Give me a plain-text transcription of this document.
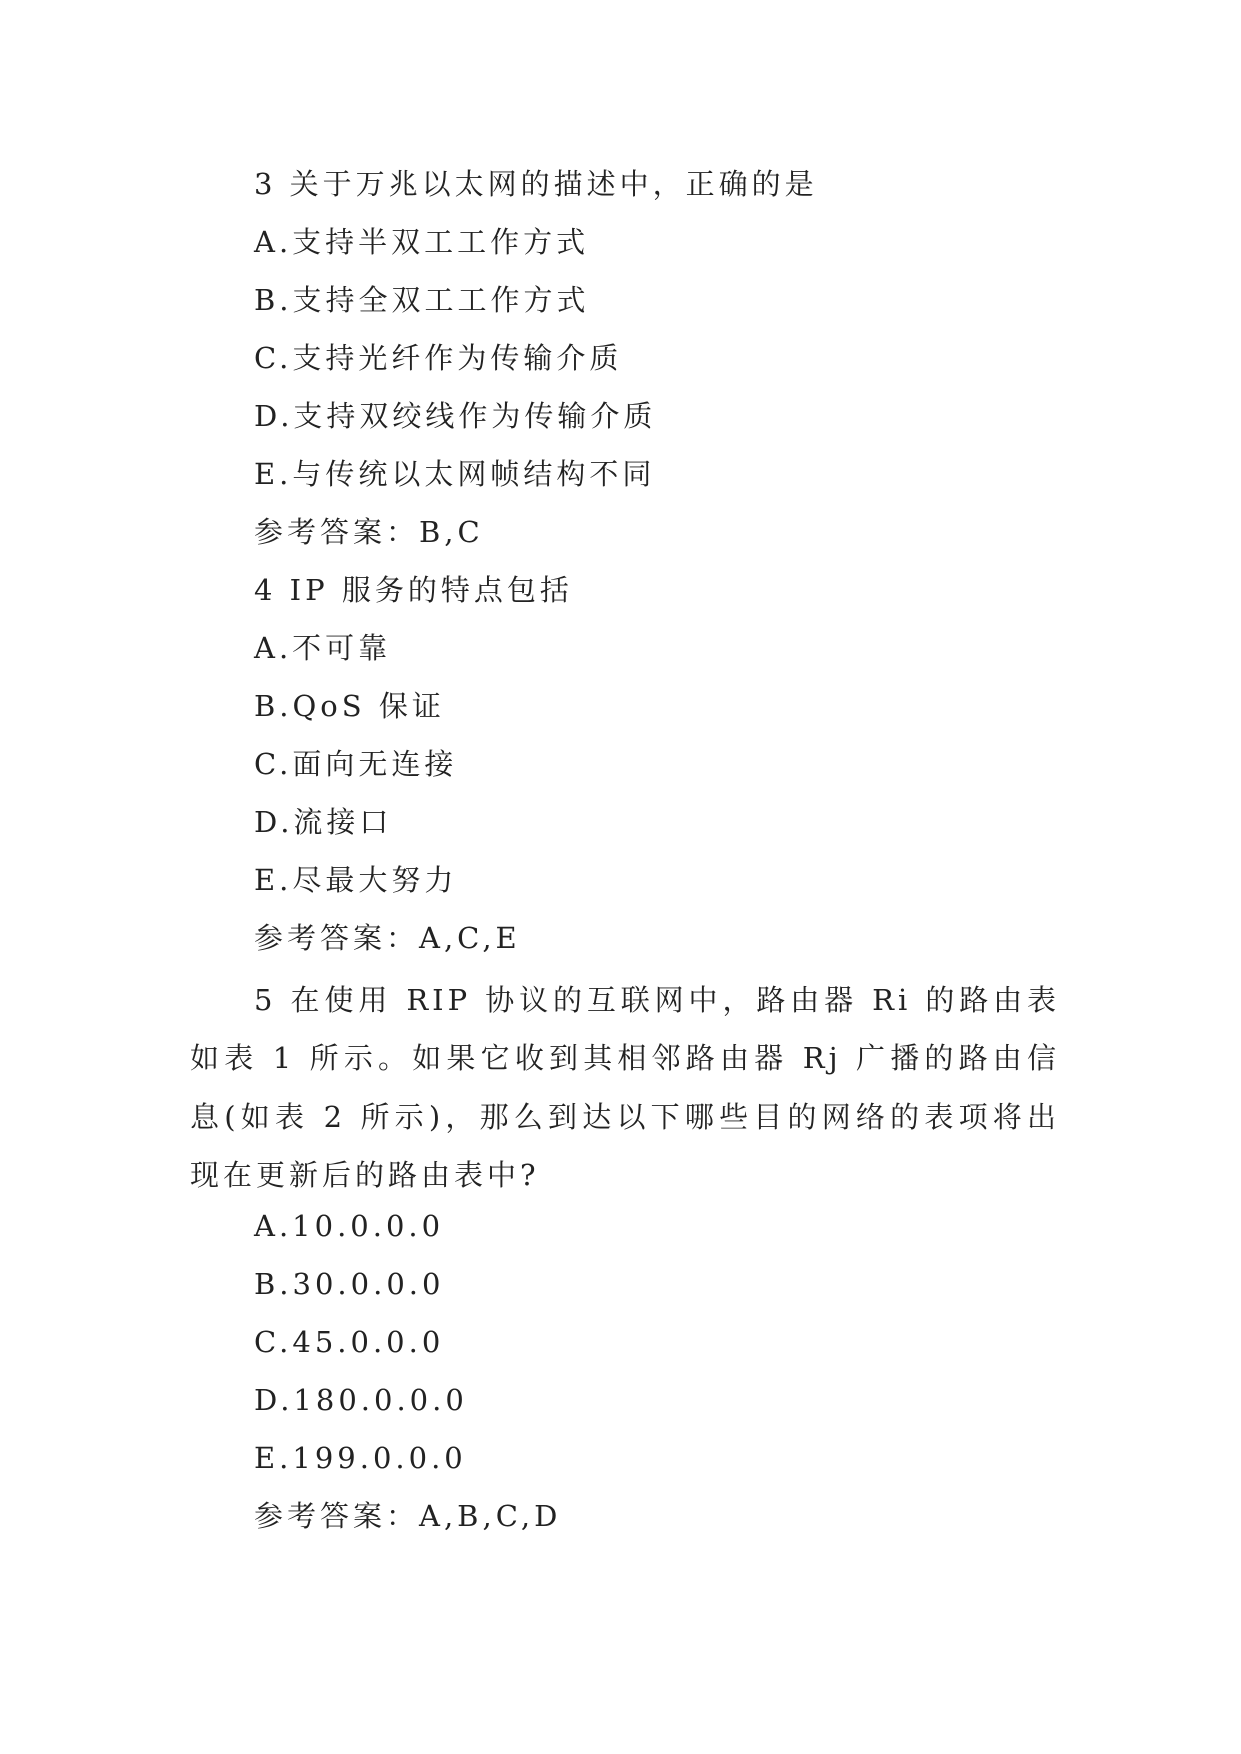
3 关于万兆以太网的描述中，正确的是
A.支持半双工工作方式
B.支持全双工工作方式
C.支持光纤作为传输介质
D.支持双绞线作为传输介质
E.与传统以太网帧结构不同
参考答案：B,C
4 IP 服务的特点包括
A.不可靠
B.QoS 保证
C.面向无连接
D.流接口
E.尽最大努力
参考答案：A,C,E
5 在使用 RIP 协议的互联网中，路由器 Ri 的路由表如表 1 所示。如果它收到其相邻路由器 Rj 广播的路由信息(如表 2 所示)，那么到达以下哪些目的网络的表项将出现在更新后的路由表中?
A.10.0.0.0
B.30.0.0.0
C.45.0.0.0
D.180.0.0.0
E.199.0.0.0
参考答案：A,B,C,D
